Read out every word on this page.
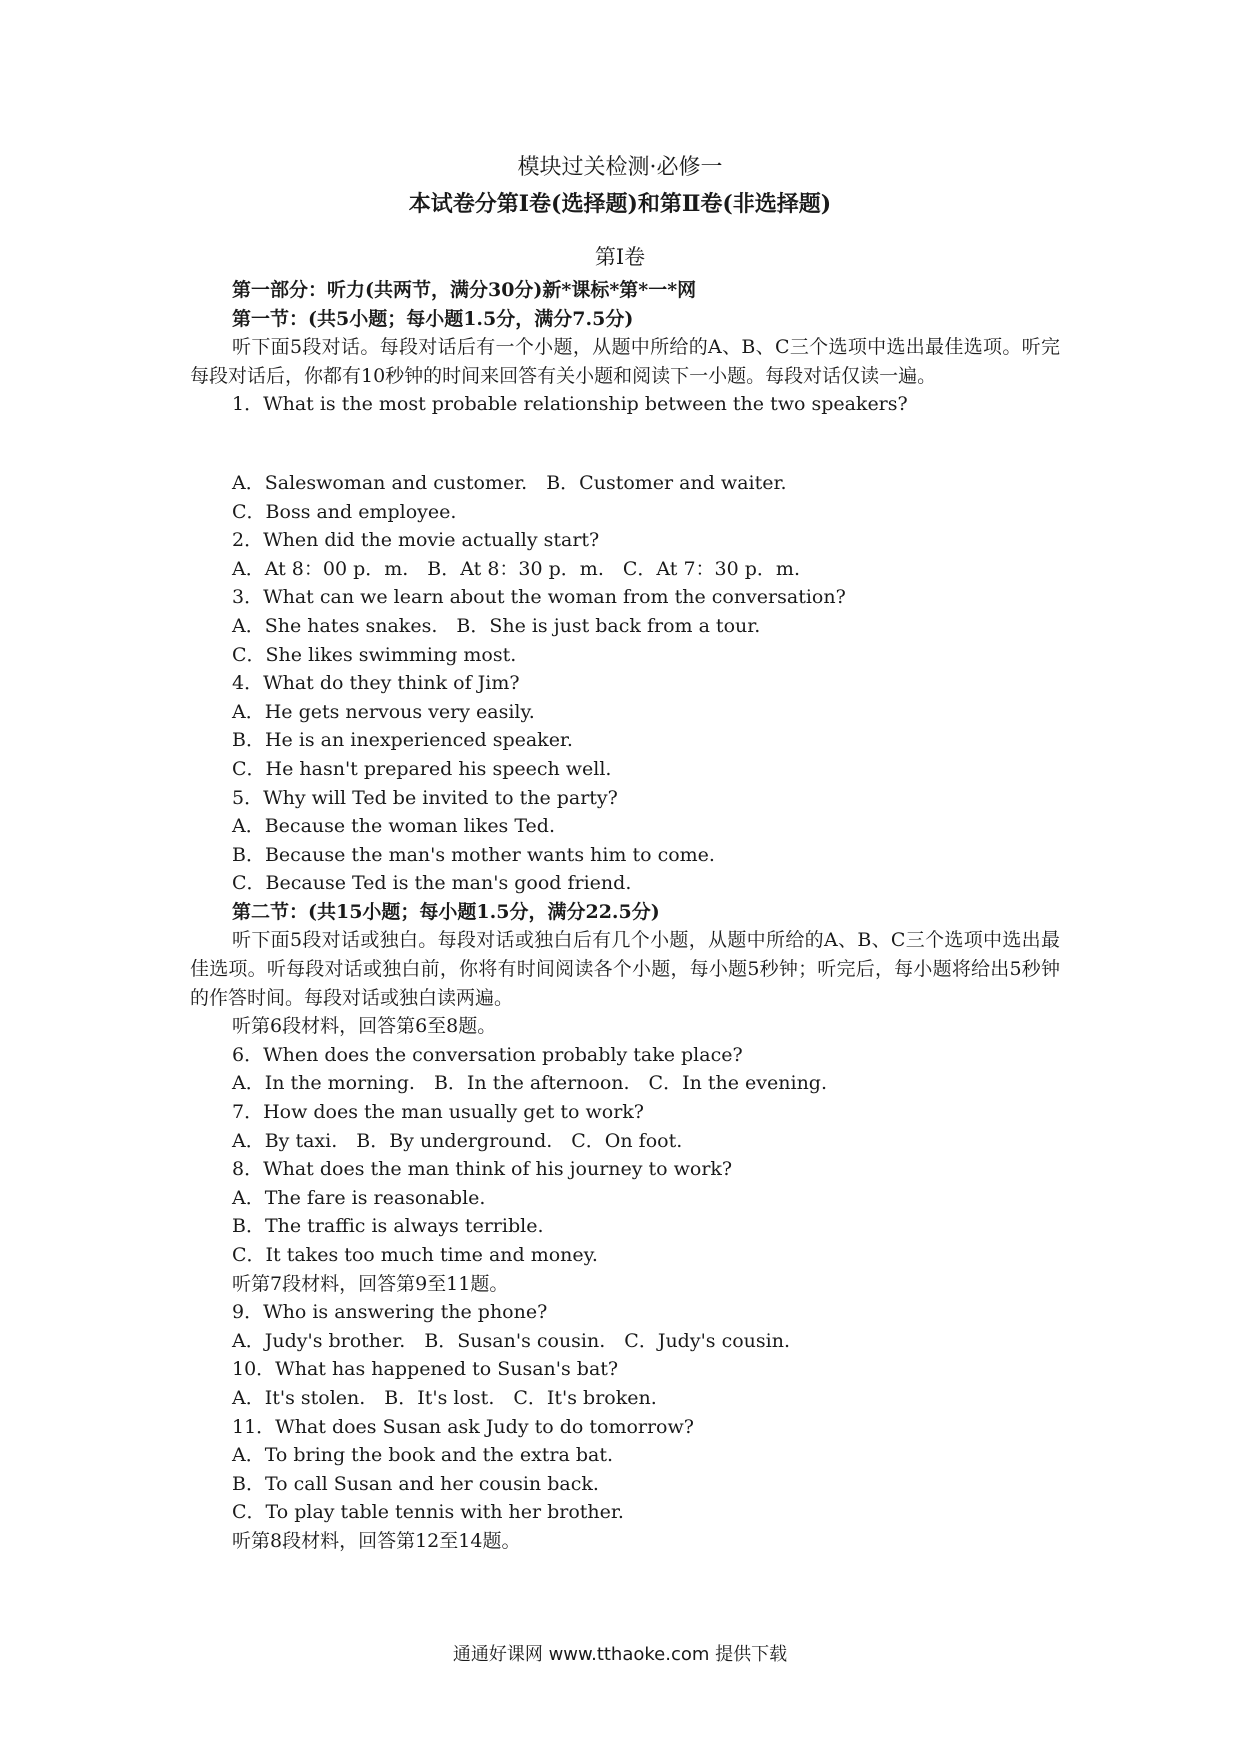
模块过关检测·必修一
本试卷分第Ⅰ卷(选择题)和第Ⅱ卷(非选择题)
第Ⅰ卷
第一部分：听力(共两节，满分30分)新*课标*第*一*网
第一节：(共5小题；每小题1.5分，满分7.5分)
听下面5段对话。每段对话后有一个小题，从题中所给的A、B、C三个选项中选出最佳选项。听完每段对话后，你都有10秒钟的时间来回答有关小题和阅读下一小题。每段对话仅读一遍。
1．What is the most probable relationship between the two speakers?
A．Saleswoman and customer.　B．Customer and waiter.
C．Boss and employee.
2．When did the movie actually start?
A．At 8：00 p．m.　B．At 8：30 p．m.　C．At 7：30 p．m.
3．What can we learn about the woman from the conversation?
A．She hates snakes.　B．She is just back from a tour.
C．She likes swimming most.
4．What do they think of Jim?
A．He gets nervous very easily.
B．He is an inexperienced speaker.
C．He hasn't prepared his speech well.
5．Why will Ted be invited to the party?
A．Because the woman likes Ted.
B．Because the man's mother wants him to come.
C．Because Ted is the man's good friend.
第二节：(共15小题；每小题1.5分，满分22.5分)
听下面5段对话或独白。每段对话或独白后有几个小题，从题中所给的A、B、C三个选项中选出最佳选项。听每段对话或独白前，你将有时间阅读各个小题，每小题5秒钟；听完后，每小题将给出5秒钟的作答时间。每段对话或独白读两遍。
听第6段材料，回答第6至8题。
6．When does the conversation probably take place?
A．In the morning.　B．In the afternoon.　C．In the evening.
7．How does the man usually get to work?
A．By taxi.　B．By underground.　C．On foot.
8．What does the man think of his journey to work?
A．The fare is reasonable.
B．The traffic is always terrible.
C．It takes too much time and money.
听第7段材料，回答第9至11题。
9．Who is answering the phone?
A．Judy's brother.　B．Susan's cousin.　C．Judy's cousin.
10．What has happened to Susan's bat?
A．It's stolen.　B．It's lost.　C．It's broken.
11．What does Susan ask Judy to do tomorrow?
A．To bring the book and the extra bat.
B．To call Susan and her cousin back.
C．To play table tennis with her brother.
听第8段材料，回答第12至14题。
通通好课网 www.tthaoke.com 提供下载
